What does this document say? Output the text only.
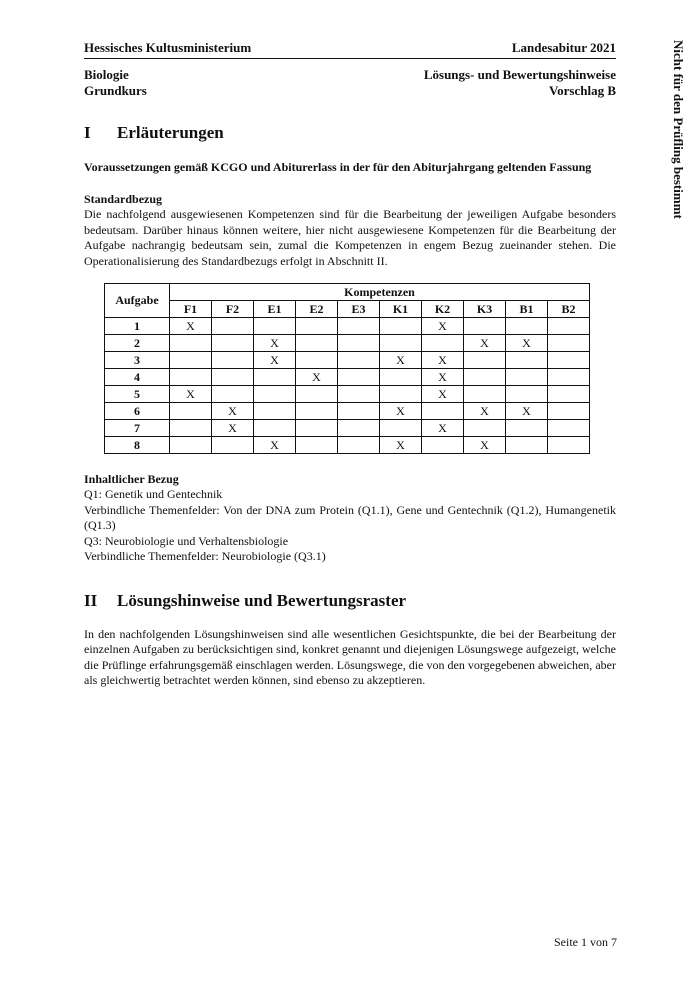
Hessisches Kultusministerium	Landesabitur 2021
Biologie
Grundkurs
Lösungs- und Bewertungshinweise
Vorschlag B
I	Erläuterungen

Voraussetzungen gemäß KCGO und Abiturerlass in der für den Abiturjahrgang geltenden Fassung

Standardbezug

Die nachfolgend ausgewiesenen Kompetenzen sind für die Bearbeitung der jeweiligen Aufgabe besonders bedeutsam. Darüber hinaus können weitere, hier nicht ausgewiesene Kompetenzen für die Bearbeitung der Aufgabe nachrangig bedeutsam sein, zumal die Kompetenzen in engem Bezug zueinander stehen. Die Operationalisierung des Standardbezugs erfolgt in Abschnitt II.

Aufgabe	Kompetenzen									
	F1	F2	E1	E2	E3	K1	K2	K3	B1	B2
1	X						X			
2			X					X	X	
3			X			X	X			
4				X			X			
5	X						X			
6		X				X		X	X	
7		X					X			
8			X			X		X		

Inhaltlicher Bezug

Q1: Genetik und Gentechnik

Verbindliche Themenfelder: Von der DNA zum Protein (Q1.1), Gene und Gentechnik (Q1.2), Humangenetik (Q1.3)

Q3: Neurobiologie und Verhaltensbiologie

Verbindliche Themenfelder: Neurobiologie (Q3.1)

II	Lösungshinweise und Bewertungsraster

In den nachfolgenden Lösungshinweisen sind alle wesentlichen Gesichtspunkte, die bei der Bearbeitung der einzelnen Aufgaben zu berücksichtigen sind, konkret genannt und diejenigen Lösungswege aufgezeigt, welche die Prüflinge erfahrungsgemäß einschlagen werden. Lösungswege, die von den vorgegebenen abweichen, aber als gleichwertig betrachtet werden können, sind ebenso zu akzeptieren.

Nicht für den Prüfling bestimmt
Seite 1 von 7
